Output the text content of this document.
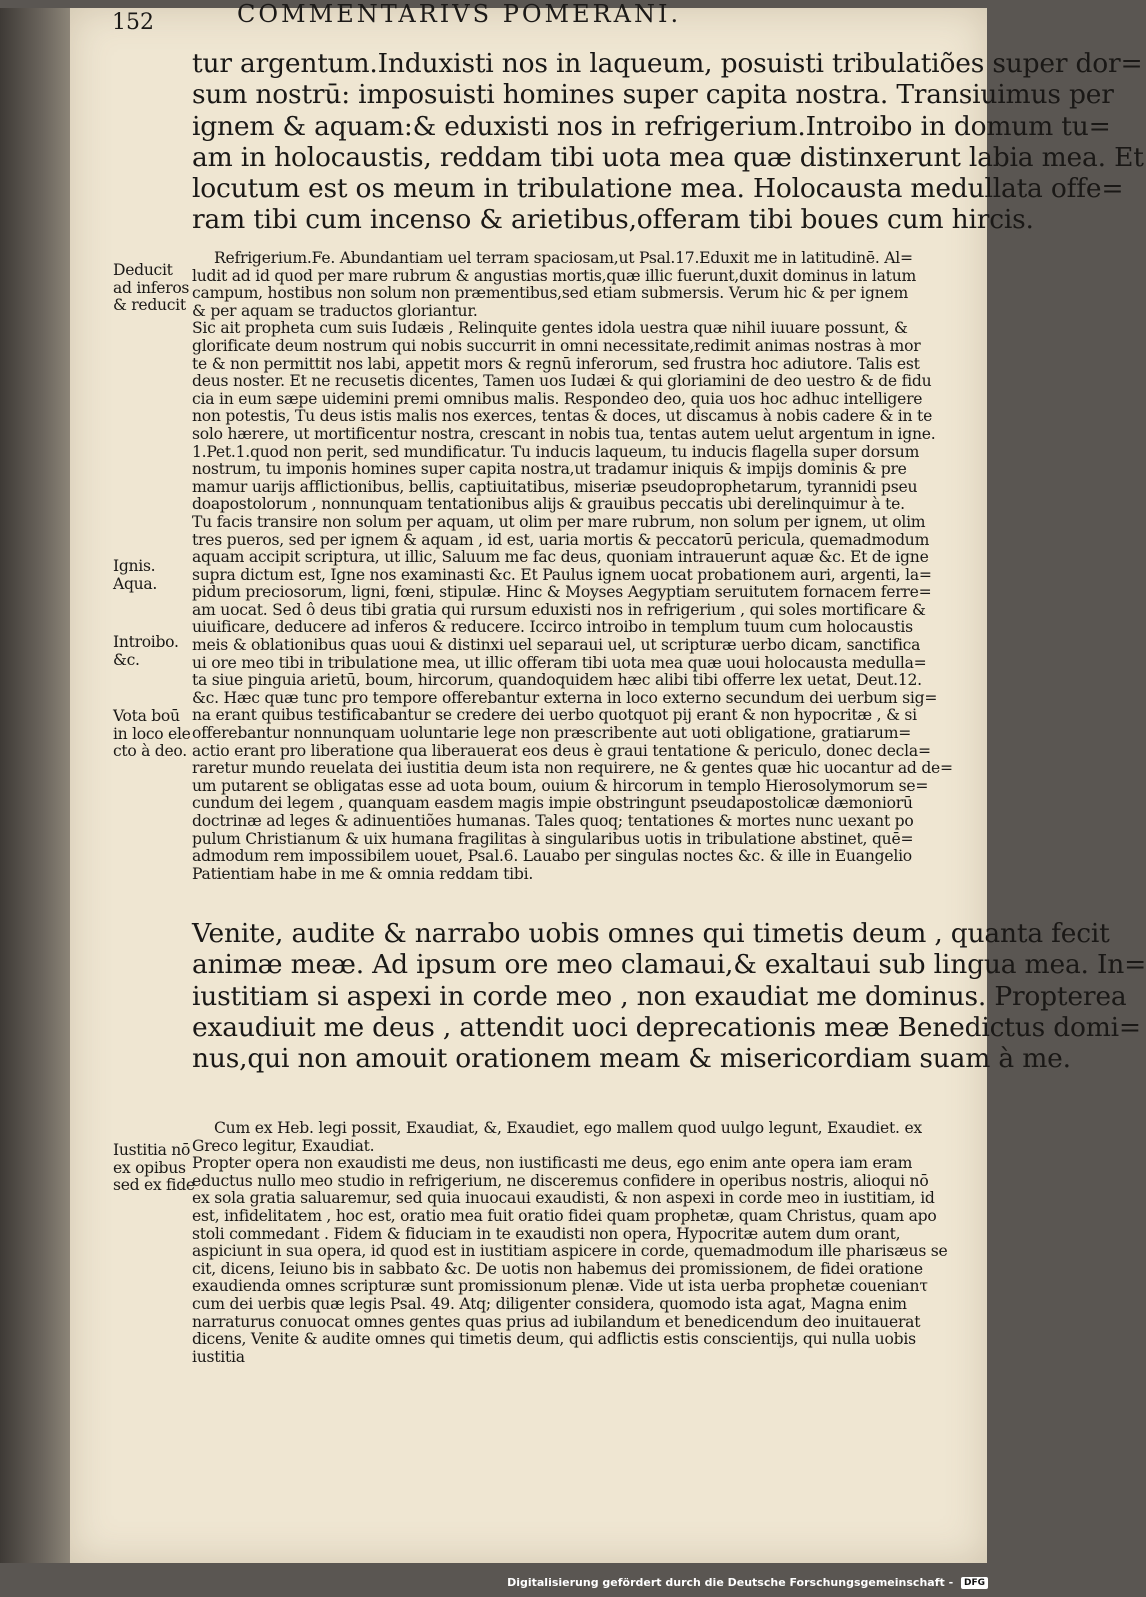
152	COMMENTARIVS POMERANI.
tur argentum.Induxisti nos in laqueum, posuisti tribulatiões super dor=
sum nostrū: imposuisti homines super capita nostra. Transiuimus per
ignem & aquam:& eduxisti nos in refrigerium.Introibo in domum tu=
am in holocaustis, reddam tibi uota mea quæ distinxerunt labia mea. Et
locutum est os meum in tribulatione mea. Holocausta medullata offe=
ram tibi cum incenso & arietibus,offeram tibi boues cum hircis.
Refrigerium.Fe. Abundantiam uel terram spaciosam,ut Psal.17.Eduxit me in latitudinē. Al=
ludit ad id quod per mare rubrum & angustias mortis,quæ illic fuerunt,duxit dominus in latum
campum, hostibus non solum non præmentibus,sed etiam submersis. Verum hic & per ignem
& per aquam se traductos gloriantur.
Sic ait propheta cum suis Iudæis , Relinquite gentes idola uestra quæ nihil iuuare possunt, &
glorificate deum nostrum qui nobis succurrit in omni necessitate,redimit animas nostras à mor
te & non permittit nos labi, appetit mors & regnū inferorum, sed frustra hoc adiutore. Talis est
deus noster. Et ne recusetis dicentes, Tamen uos Iudæi & qui gloriamini de deo uestro & de fidu
cia in eum sæpe uidemini premi omnibus malis. Respondeo deo, quia uos hoc adhuc intelligere
non potestis, Tu deus istis malis nos exerces, tentas & doces, ut discamus à nobis cadere & in te
solo hærere, ut mortificentur nostra, crescant in nobis tua, tentas autem uelut argentum in igne.
1.Pet.1.quod non perit, sed mundificatur. Tu inducis laqueum, tu inducis flagella super dorsum
nostrum, tu imponis homines super capita nostra,ut tradamur iniquis & impijs dominis & pre
mamur uarijs afflictionibus, bellis, captiuitatibus, miseriæ pseudoprophetarum, tyrannidi pseu
doapostolorum , nonnunquam tentationibus alijs & grauibus peccatis ubi derelinquimur à te.
Tu facis transire non solum per aquam, ut olim per mare rubrum, non solum per ignem, ut olim
tres pueros, sed per ignem & aquam , id est, uaria mortis & peccatorū pericula, quemadmodum
aquam accipit scriptura, ut illic, Saluum me fac deus, quoniam intrauerunt aquæ &c. Et de igne
supra dictum est, Igne nos examinasti &c. Et Paulus ignem uocat probationem auri, argenti, la=
pidum preciosorum, ligni, fœni, stipulæ. Hinc & Moyses Aegyptiam seruitutem fornacem ferre=
am uocat. Sed ô deus tibi gratia qui rursum eduxisti nos in refrigerium , qui soles mortificare &
uiuificare, deducere ad inferos & reducere. Iccirco introibo in templum tuum cum holocaustis
meis & oblationibus quas uoui & distinxi uel separaui uel, ut scripturæ uerbo dicam, sanctifica
ui ore meo tibi in tribulatione mea, ut illic offeram tibi uota mea quæ uoui holocausta medulla=
ta siue pinguia arietū, boum, hircorum, quandoquidem hæc alibi tibi offerre lex uetat, Deut.12.
&c. Hæc quæ tunc pro tempore offerebantur externa in loco externo secundum dei uerbum sig=
na erant quibus testificabantur se credere dei uerbo quotquot pij erant & non hypocritæ , & si
offerebantur nonnunquam uoluntarie lege non præscribente aut uoti obligatione, gratiarum=
actio erant pro liberatione qua liberauerat eos deus è graui tentatione & periculo, donec decla=
raretur mundo reuelata dei iustitia deum ista non requirere, ne & gentes quæ hic uocantur ad de=
um putarent se obligatas esse ad uota boum, ouium & hircorum in templo Hierosolymorum se=
cundum dei legem , quanquam easdem magis impie obstringunt pseudapostolicæ dæmoniorū
doctrinæ ad leges & adinuentiões humanas. Tales quoq; tentationes & mortes nunc uexant po
pulum Christianum & uix humana fragilitas à singularibus uotis in tribulatione abstinet, quē=
admodum rem impossibilem uouet, Psal.6. Lauabo per singulas noctes &c. & ille in Euangelio
Patientiam habe in me & omnia reddam tibi.
Venite, audite & narrabo uobis omnes qui timetis deum , quanta fecit
animæ meæ. Ad ipsum ore meo clamaui,& exaltaui sub lingua mea. In=
iustitiam si aspexi in corde meo , non exaudiat me dominus. Propterea
exaudiuit me deus , attendit uoci deprecationis meæ Benedictus domi=
nus,qui non amouit orationem meam & misericordiam suam à me.
Cum ex Heb. legi possit, Exaudiat, &, Exaudiet, ego mallem quod uulgo legunt, Exaudiet. ex
Greco legitur, Exaudiat.
Propter opera non exaudisti me deus, non iustificasti me deus, ego enim ante opera iam eram
eductus nullo meo studio in refrigerium, ne disceremus confidere in operibus nostris, alioqui nō
ex sola gratia saluaremur, sed quia inuocaui exaudisti, & non aspexi in corde meo in iustitiam, id
est, infidelitatem , hoc est, oratio mea fuit oratio fidei quam prophetæ, quam Christus, quam apo
stoli commedant . Fidem & fiduciam in te exaudisti non opera, Hypocritæ autem dum orant,
aspiciunt in sua opera, id quod est in iustitiam aspicere in corde, quemadmodum ille pharisæus se
cit, dicens, Ieiuno bis in sabbato &c. De uotis non habemus dei promissionem, de fidei oratione
exaudienda omnes scripturæ sunt promissionum plenæ. Vide ut ista uerba prophetæ couenianτ
cum dei uerbis quæ legis Psal. 49. Atq; diligenter considera, quomodo ista agat, Magna enim
narraturus conuocat omnes gentes quas prius ad iubilandum et benedicendum deo inuitauerat
dicens, Venite & audite omnes qui timetis deum, qui adflictis estis conscientijs, qui nulla uobis
iustitia
Deducit
ad inferos
& reducit
Ignis.
Aqua.
Introibo.
&c.
Vota boū
in loco ele
cto à deo.
Iustitia nō
ex opibus
sed ex fide
Digitalisierung gefördert durch die Deutsche Forschungsgemeinschaft - DFG
